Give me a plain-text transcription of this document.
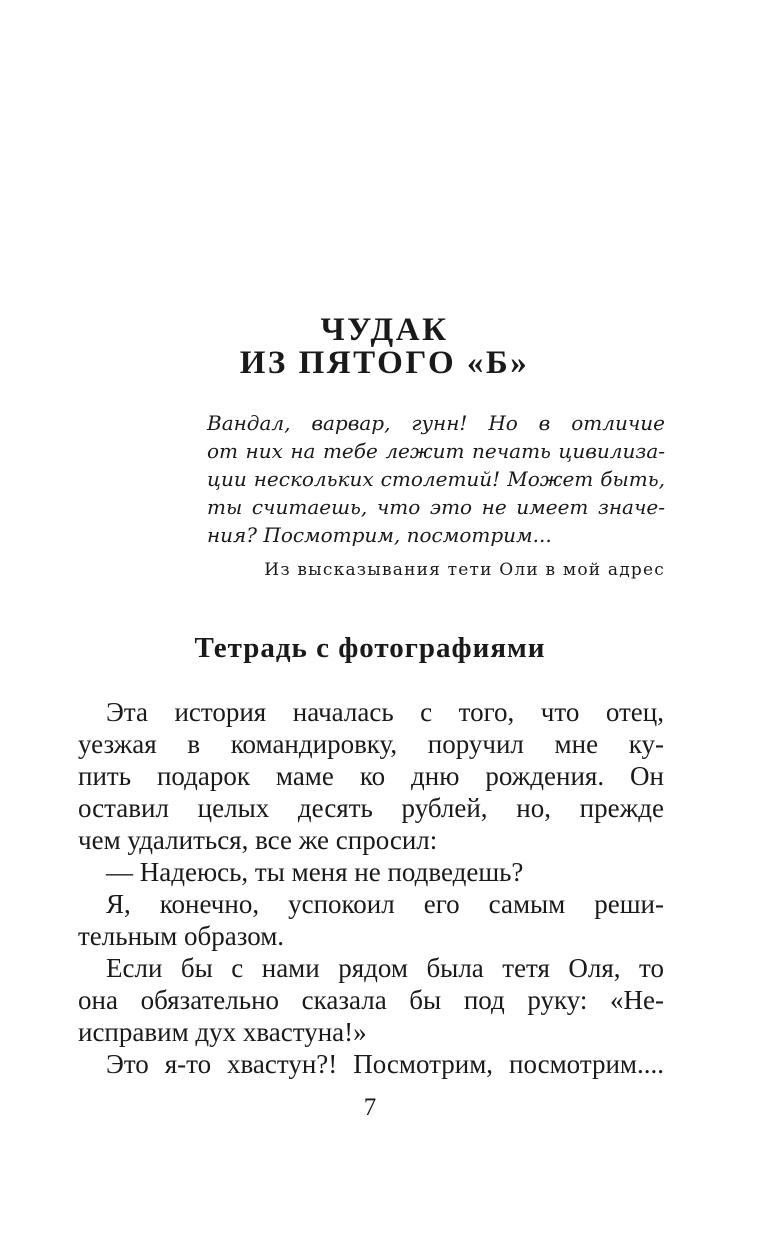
ЧУДАК
ИЗ ПЯТОГО «Б»
Вандал, варвар, гунн! Но в отличие
от них на тебе лежит печать цивилиза-
ции нескольких столетий! Может быть,
ты считаешь, что это не имеет значе-
ния? Посмотрим, посмотрим...
Из высказывания тети Оли в мой адрес
Тетрадь с фотографиями
Эта история началась с того, что отец,
уезжая в командировку, поручил мне ку-
пить подарок маме ко дню рождения. Он
оставил целых десять рублей, но, прежде
чем удалиться, все же спросил:
— Надеюсь, ты меня не подведешь?
Я, конечно, успокоил его самым реши-
тельным образом.
Если бы с нами рядом была тетя Оля, то
она обязательно сказала бы под руку: «Не-
исправим дух хвастуна!»
Это я-то хвастун?! Посмотрим, посмотрим....
7
